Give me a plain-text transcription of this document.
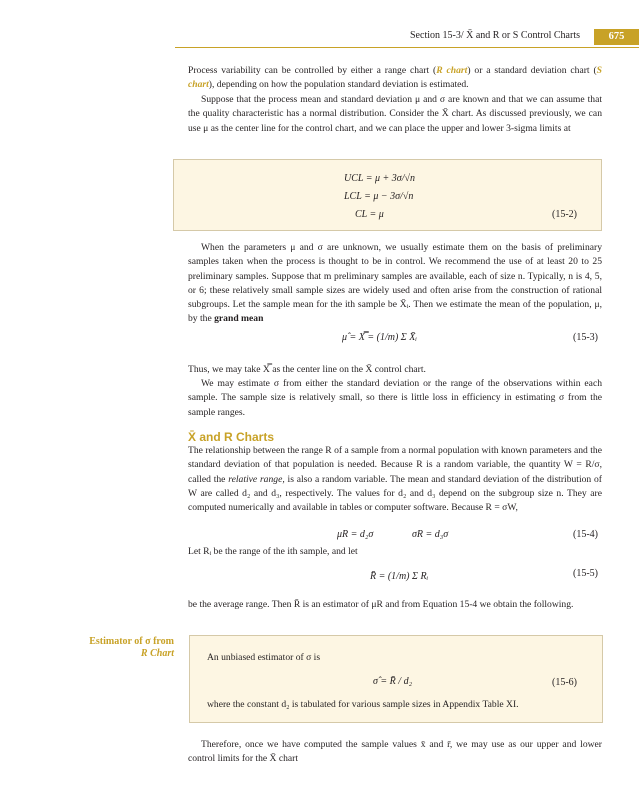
Section 15-3/ X̄ and R or S Control Charts	675
Process variability can be controlled by either a range chart (R chart) or a standard deviation chart (S chart), depending on how the population standard deviation is estimated.
Suppose that the process mean and standard deviation μ and σ are known and that we can assume that the quality characteristic has a normal distribution. Consider the X̄ chart. As discussed previously, we can use μ as the center line for the control chart, and we can place the upper and lower 3-sigma limits at
UCL = μ + 3σ/√n
LCL = μ − 3σ/√n
CL = μ	(15-2)
When the parameters μ and σ are unknown, we usually estimate them on the basis of preliminary samples taken when the process is thought to be in control. We recommend the use of at least 20 to 25 preliminary samples. Suppose that m preliminary samples are available, each of size n. Typically, n is 4, 5, or 6; these relatively small sample sizes are widely used and often arise from the construction of rational subgroups. Let the sample mean for the ith sample be X̄ᵢ. Then we estimate the mean of the population, μ, by the grand mean
μ̂ = X̿ = (1/m) Σ X̄ᵢ	(15-3)
Thus, we may take X̿ as the center line on the X̄ control chart.
We may estimate σ from either the standard deviation or the range of the observations within each sample. The sample size is relatively small, so there is little loss in efficiency in estimating σ from the sample ranges.
X̄ and R Charts
The relationship between the range R of a sample from a normal population with known parameters and the standard deviation of that population is needed. Because R is a random variable, the quantity W = R/σ, called the relative range, is also a random variable. The mean and standard deviation of the distribution of W are called d₂ and d₃, respectively. The values for d₂ and d₃ depend on the subgroup size n. They are computed numerically and available in tables or computer software. Because R = σW,
μR = d₂σ	σR = d₃σ	(15-4)
Let Rᵢ be the range of the ith sample, and let
R̄ = (1/m) Σ Rᵢ	(15-5)
be the average range. Then R̄ is an estimator of μR and from Equation 15-4 we obtain the following.
Estimator of σ from
R Chart	An unbiased estimator of σ is
σ̂ = R̄ / d₂	(15-6)
where the constant d₂ is tabulated for various sample sizes in Appendix Table XI.
Therefore, once we have computed the sample values x̄ and r̄, we may use as our upper and lower control limits for the X̄ chart
